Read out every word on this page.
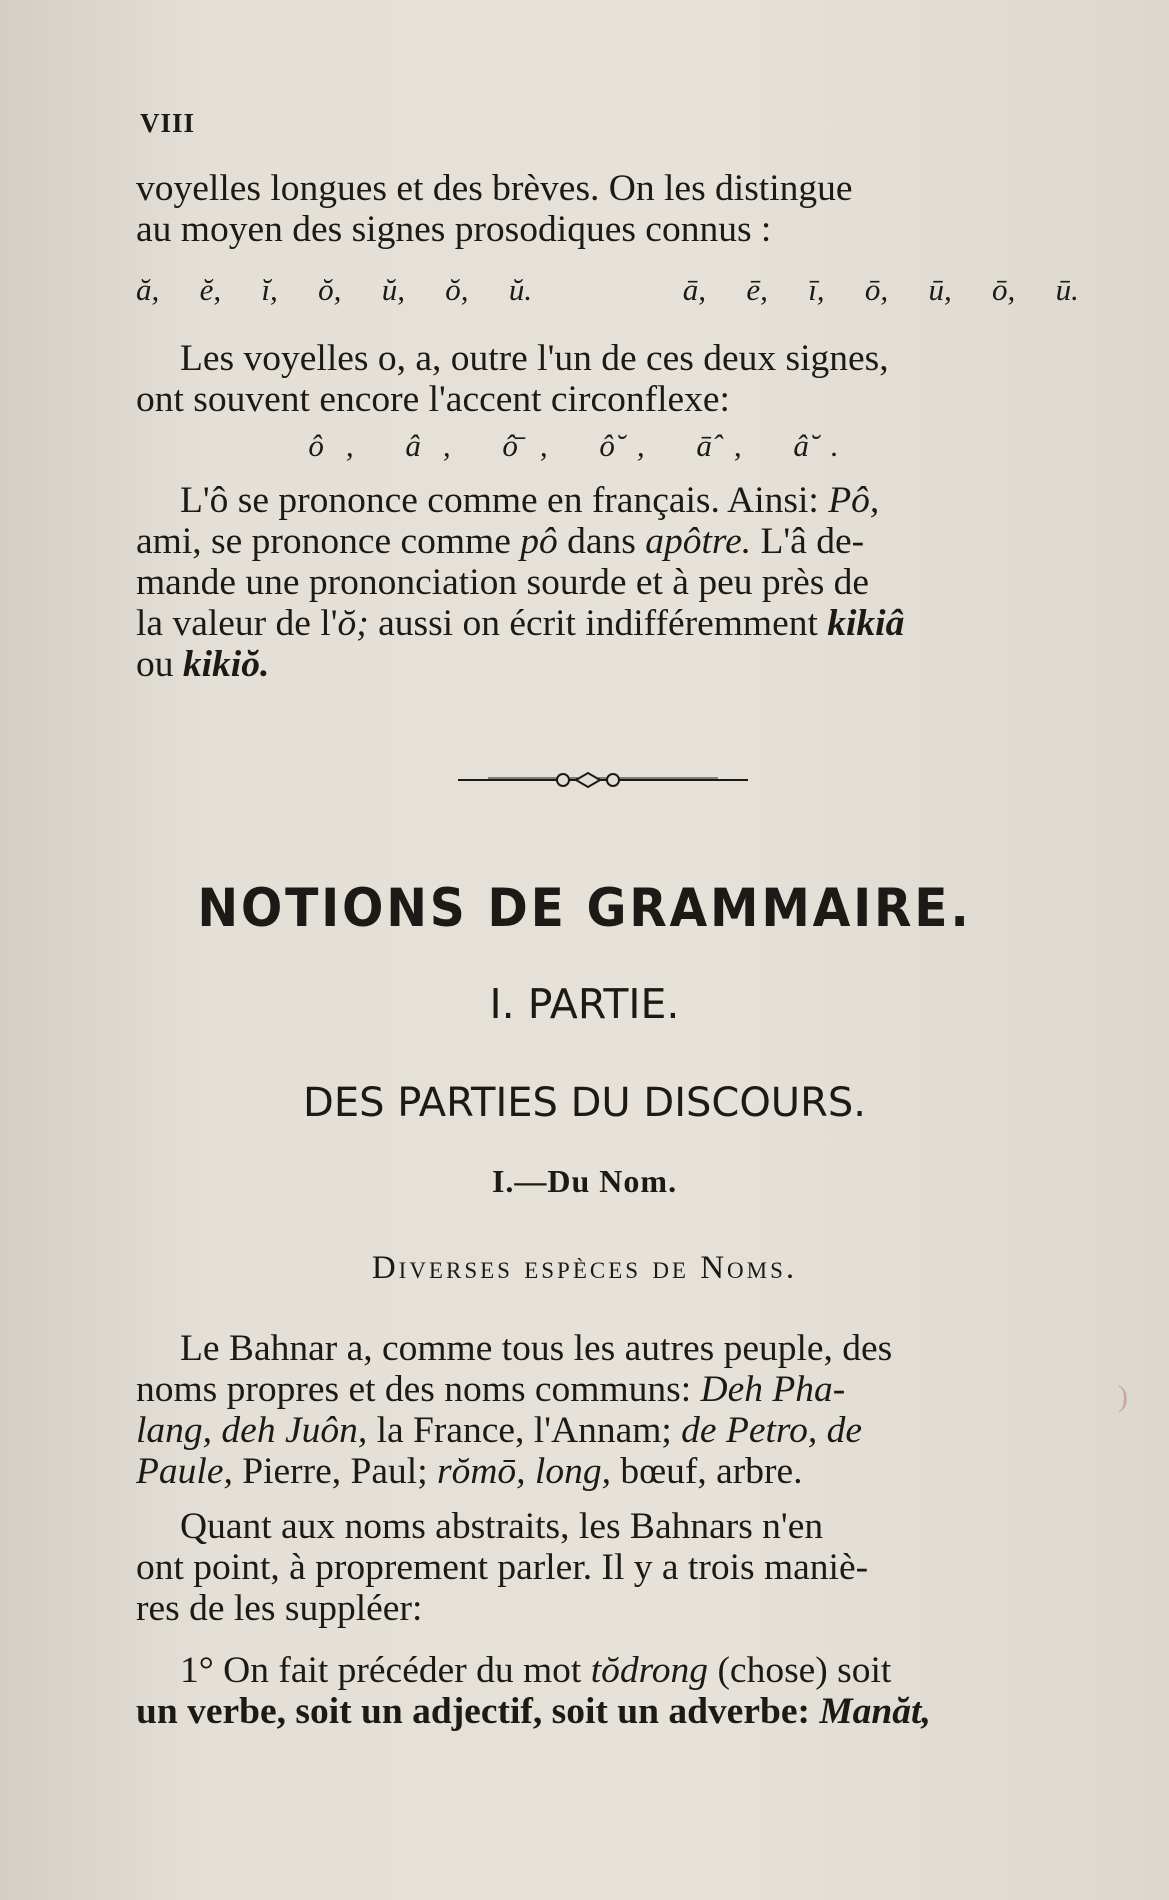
VIII

voyelles longues et des brèves. On les distingue
au moyen des signes prosodiques connus :

ă, ĕ, ĭ, ŏ, ŭ, ŏ, ŭ.	ā, ē, ī, ō, ū, ō, ū.

Les voyelles o, a, outre l'un de ces deux signes,
ont souvent encore l'accent circonflexe:

ô, â, ô̄, ô̆, ā̂, â̆.

L'ô se prononce comme en français. Ainsi: Pô,
ami, se prononce comme pô dans apôtre. L'â de-
mande une prononciation sourde et à peu près de
la valeur de l'ŏ; aussi on écrit indifféremment kikiâ
ou kikiŏ.

NOTIONS DE GRAMMAIRE.
I. PARTIE.
DES PARTIES DU DISCOURS.
I.—Du Nom.
Diverses espèces de Noms.

Le Bahnar a, comme tous les autres peuple, des
noms propres et des noms communs: Deh Pha-
lang, deh Juôn, la France, l'Annam; de Petro, de
Paule, Pierre, Paul; rŏmō, long, bœuf, arbre.

Quant aux noms abstraits, les Bahnars n'en
ont point, à proprement parler. Il y a trois maniè-
res de les suppléer:

1° On fait précéder du mot tŏdrong (chose) soit
un verbe, soit un adjectif, soit un adverbe: Manăt,

)
